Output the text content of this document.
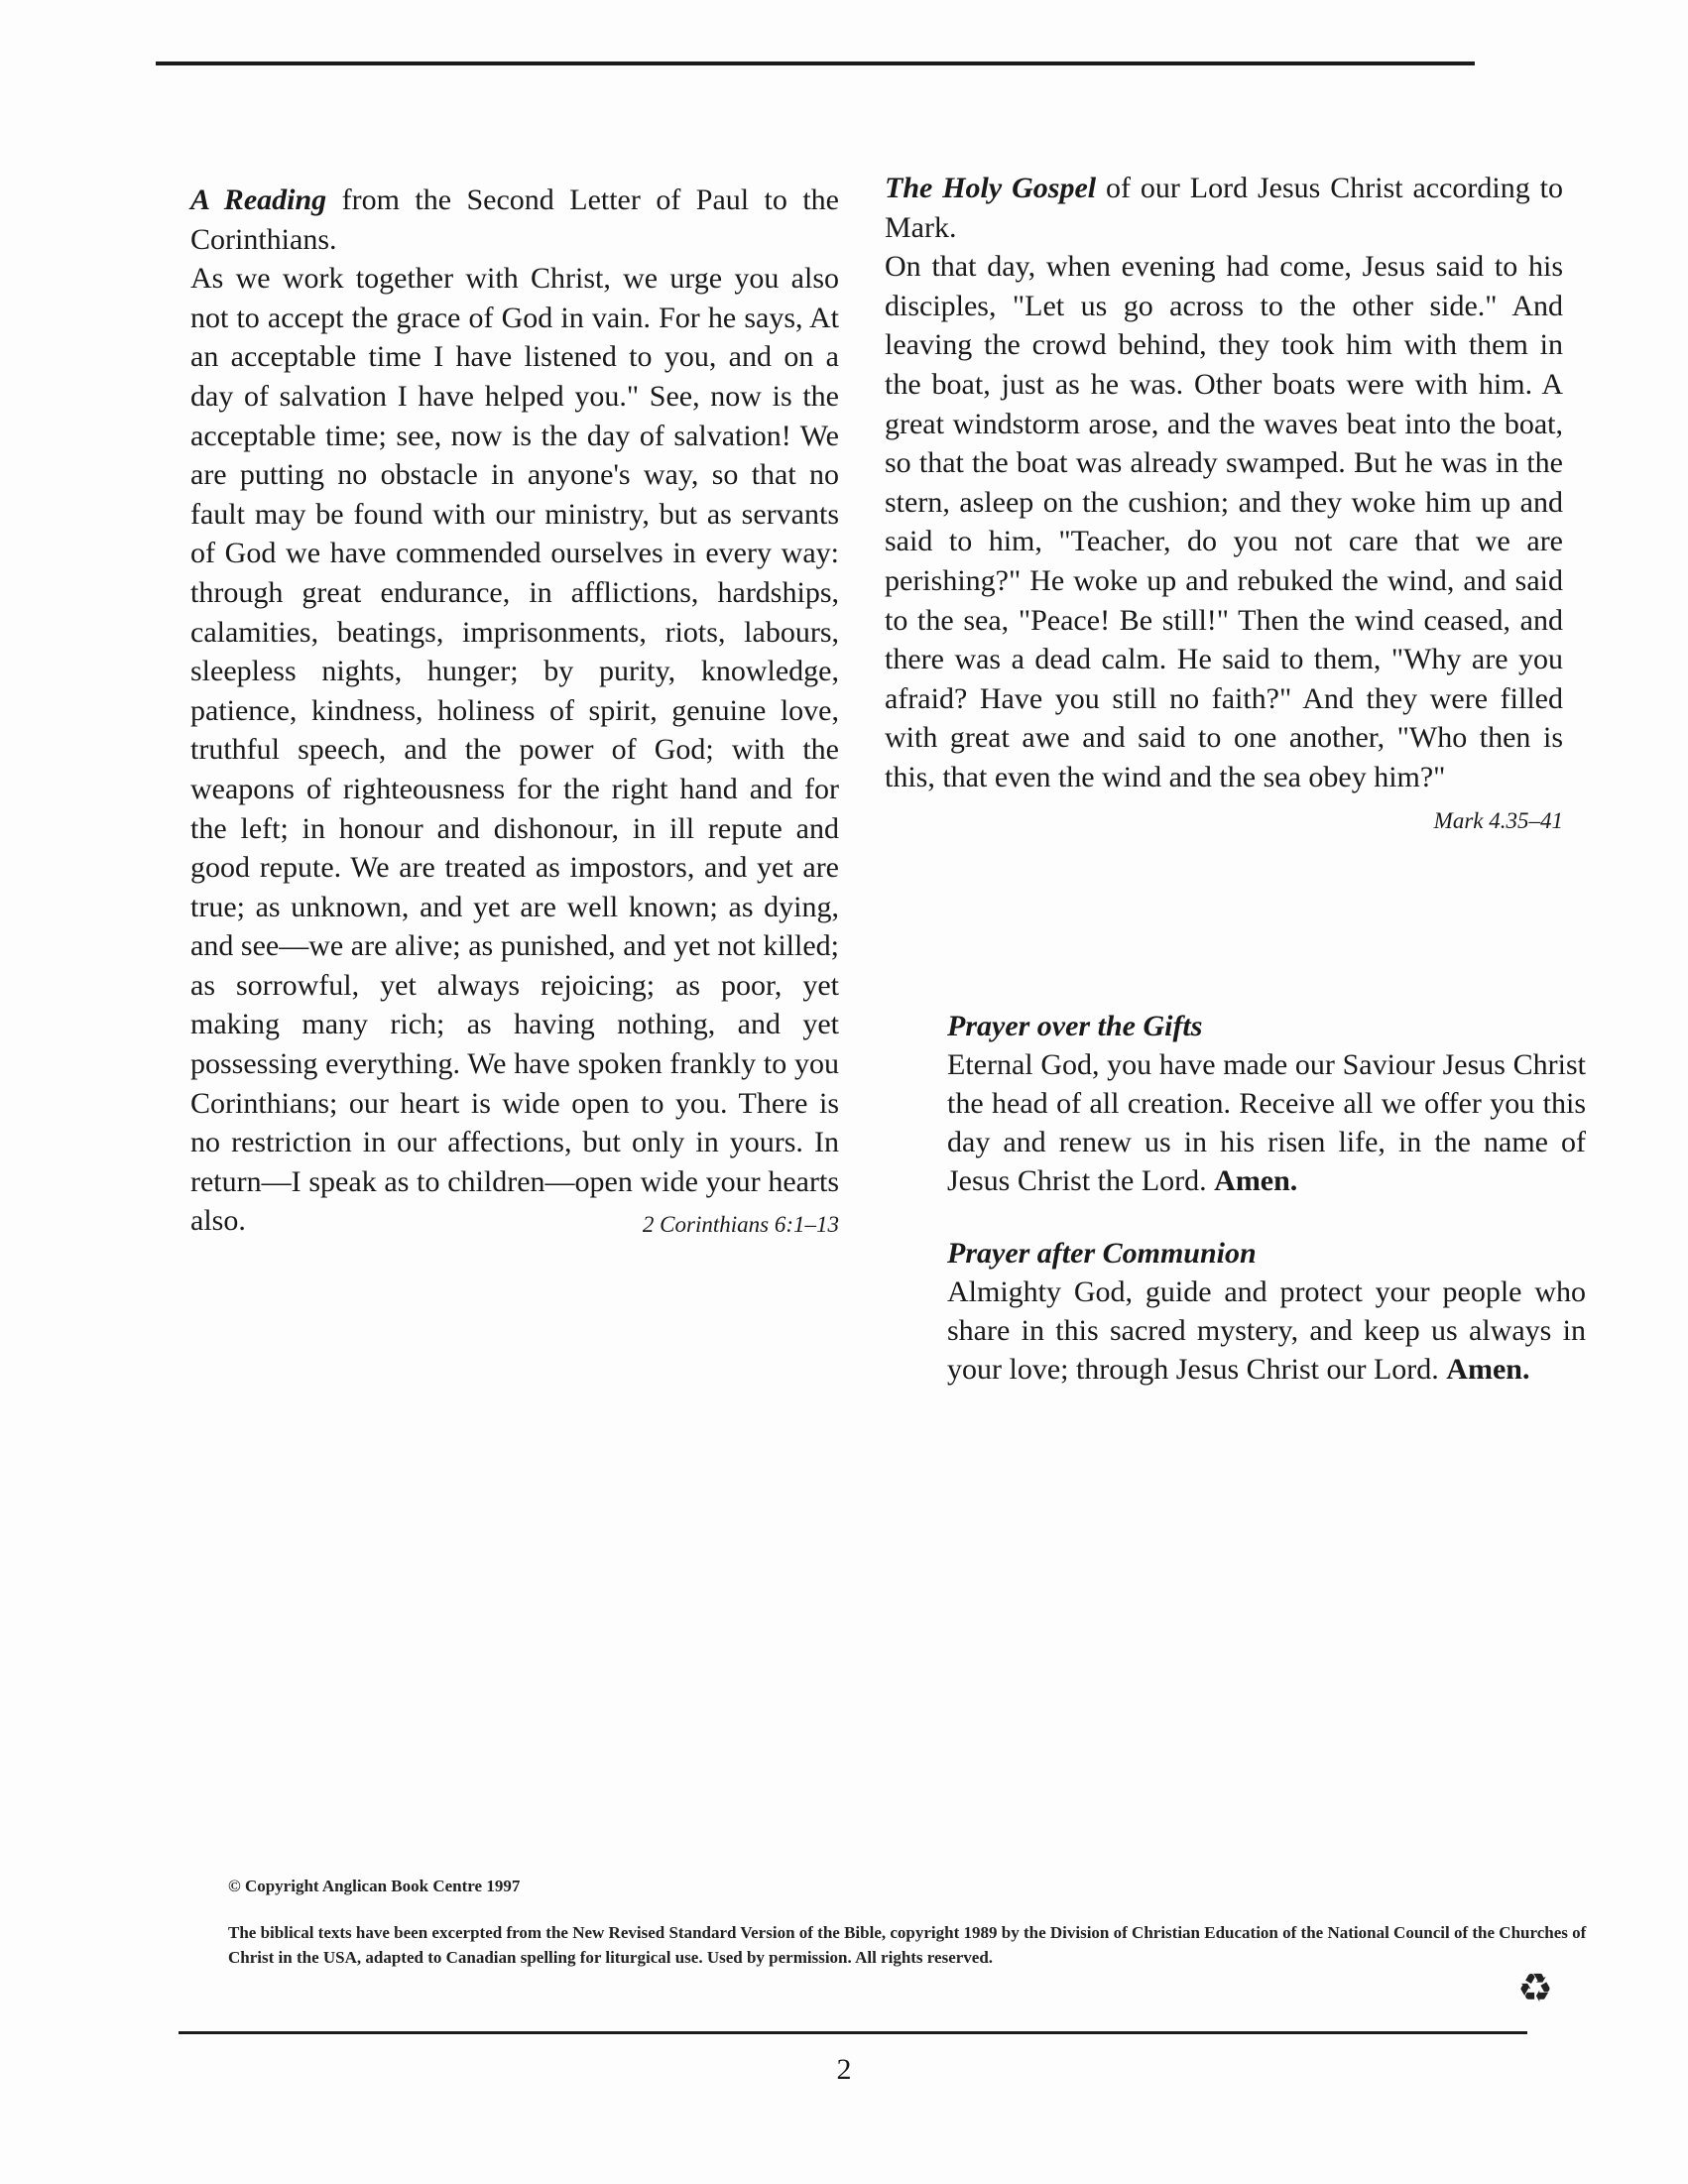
A Reading from the Second Letter of Paul to the Corinthians.

As we work together with Christ, we urge you also not to accept the grace of God in vain. For he says, At an acceptable time I have listened to you, and on a day of salvation I have helped you." See, now is the acceptable time; see, now is the day of salvation! We are putting no obstacle in anyone's way, so that no fault may be found with our ministry, but as servants of God we have commended ourselves in every way: through great endurance, in afflictions, hardships, calamities, beatings, imprisonments, riots, labours, sleepless nights, hunger; by purity, knowledge, patience, kindness, holiness of spirit, genuine love, truthful speech, and the power of God; with the weapons of righteousness for the right hand and for the left; in honour and dishonour, in ill repute and good repute. We are treated as impostors, and yet are true; as unknown, and yet are well known; as dying, and see—we are alive; as punished, and yet not killed; as sorrowful, yet always rejoicing; as poor, yet making many rich; as having nothing, and yet possessing everything. We have spoken frankly to you Corinthians; our heart is wide open to you. There is no restriction in our affections, but only in yours. In return—I speak as to children—open wide your hearts also.	2 Corinthians 6:1–13

The Holy Gospel of our Lord Jesus Christ according to Mark.

On that day, when evening had come, Jesus said to his disciples, "Let us go across to the other side." And leaving the crowd behind, they took him with them in the boat, just as he was. Other boats were with him. A great windstorm arose, and the waves beat into the boat, so that the boat was already swamped. But he was in the stern, asleep on the cushion; and they woke him up and said to him, "Teacher, do you not care that we are perishing?" He woke up and rebuked the wind, and said to the sea, "Peace! Be still!" Then the wind ceased, and there was a dead calm. He said to them, "Why are you afraid? Have you still no faith?" And they were filled with great awe and said to one another, "Who then is this, that even the wind and the sea obey him?"
Mark 4.35–41

Prayer over the Gifts

Eternal God, you have made our Saviour Jesus Christ the head of all creation. Receive all we offer you this day and renew us in his risen life, in the name of Jesus Christ the Lord. Amen.

Prayer after Communion

Almighty God, guide and protect your people who share in this sacred mystery, and keep us always in your love; through Jesus Christ our Lord. Amen.

© Copyright Anglican Book Centre 1997
The biblical texts have been excerpted from the New Revised Standard Version of the Bible, copyright 1989 by the Division of Christian Education of the National Council of the Churches of Christ in the USA, adapted to Canadian spelling for liturgical use. Used by permission. All rights reserved.
♻
2
